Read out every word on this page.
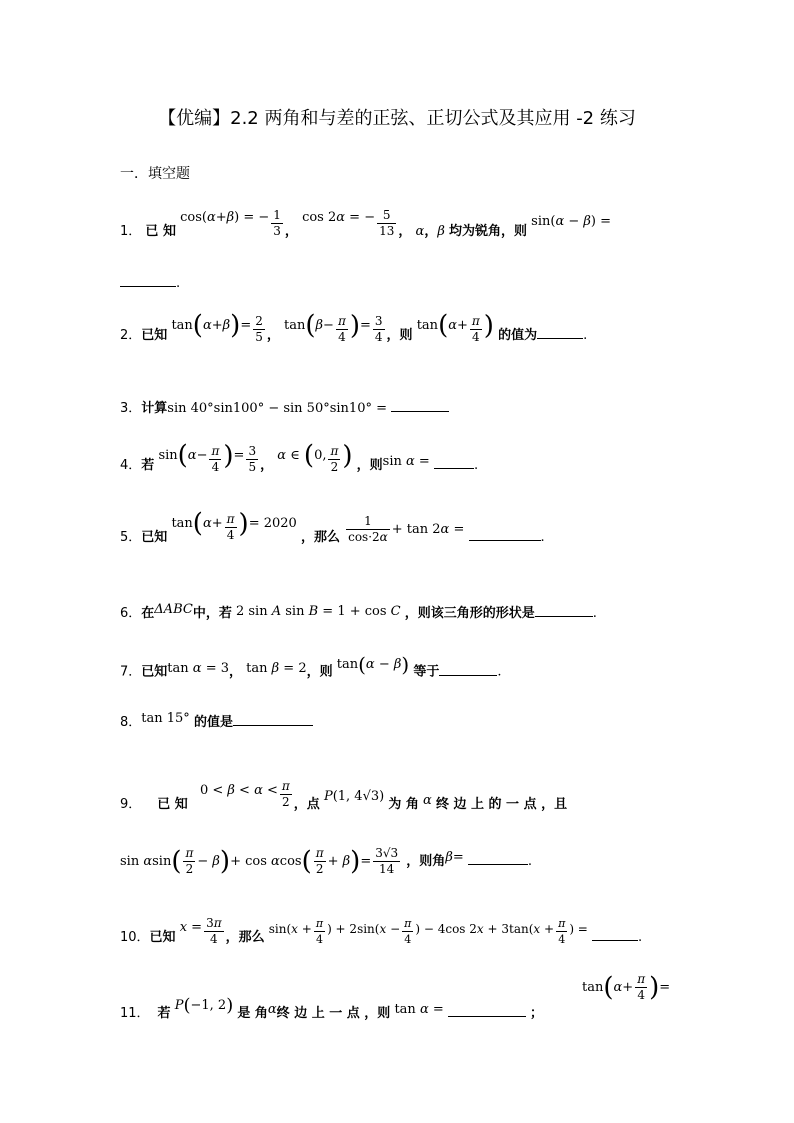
【优编】2.2 两角和与差的正弦、正切公式及其应用 -2 练习
一．填空题
1． 已 知 cos(α+β) = − $\frac{1}{3}$ ， cos 2α = − $\frac{5}{13}$ ， α，β 均为锐角，则 sin(α − β) =
.
2．已知 $\tan(\alpha+\beta)= \frac{2}{5}$ ， $\tan(\beta- \frac{\pi}{4}$ )= $\frac{3}{4}$ ，则 $\tan(\alpha+ \frac{\pi}{4}$ ) 的值为	.
3．计算sin 40°sin100° − sin 50°sin10° =
4．若 $\sin(\alpha- \frac{\pi}{4}$ )= $\frac{3}{5}$ ， α ∈ (0, $\frac{\pi}{2}$ ) ，则sin α =	.
5．已知 $\tan(\alpha+ \frac{\pi}{4}$ )= 2020 ，那么 $\frac{1}{\cos\cdot 2\alpha} + \tan 2\alpha$ = .
6．在ΔABC中，若 2 sin A sin B = 1 + cos C ，则该三角形的形状是	.
7．已知tan α = 3， tan β = 2，则 tan(α − β) 等于	.
8．tan 15° 的值是
9． 已 知 $0 < \beta < \alpha < \frac{\pi}{2}$ ，点 P(1, 4√3) 为 角 α 终 边 上 的 一 点 ，且
$\sin \alpha\sin( \frac{\pi}{2} - \beta)+ \cos \alpha\cos( \frac{\pi}{2} + \beta)= \frac{3√3}{14}$ ，则角β=	.
10．已知 $x = \frac{3\pi}{4}$ ，那么 $\sin(x + \frac{\pi}{4}$ ) + $2\sin(x - \frac{\pi}{4}$ ) − 4cos $2x + 3\tan(x + \frac{\pi}{4}$ ) = .
11． 若 P(−1, 2) 是 角α终 边 上 一 点 ，则 tan α =	；
$\tan(\alpha+ \frac{\pi}{4}$ )=
